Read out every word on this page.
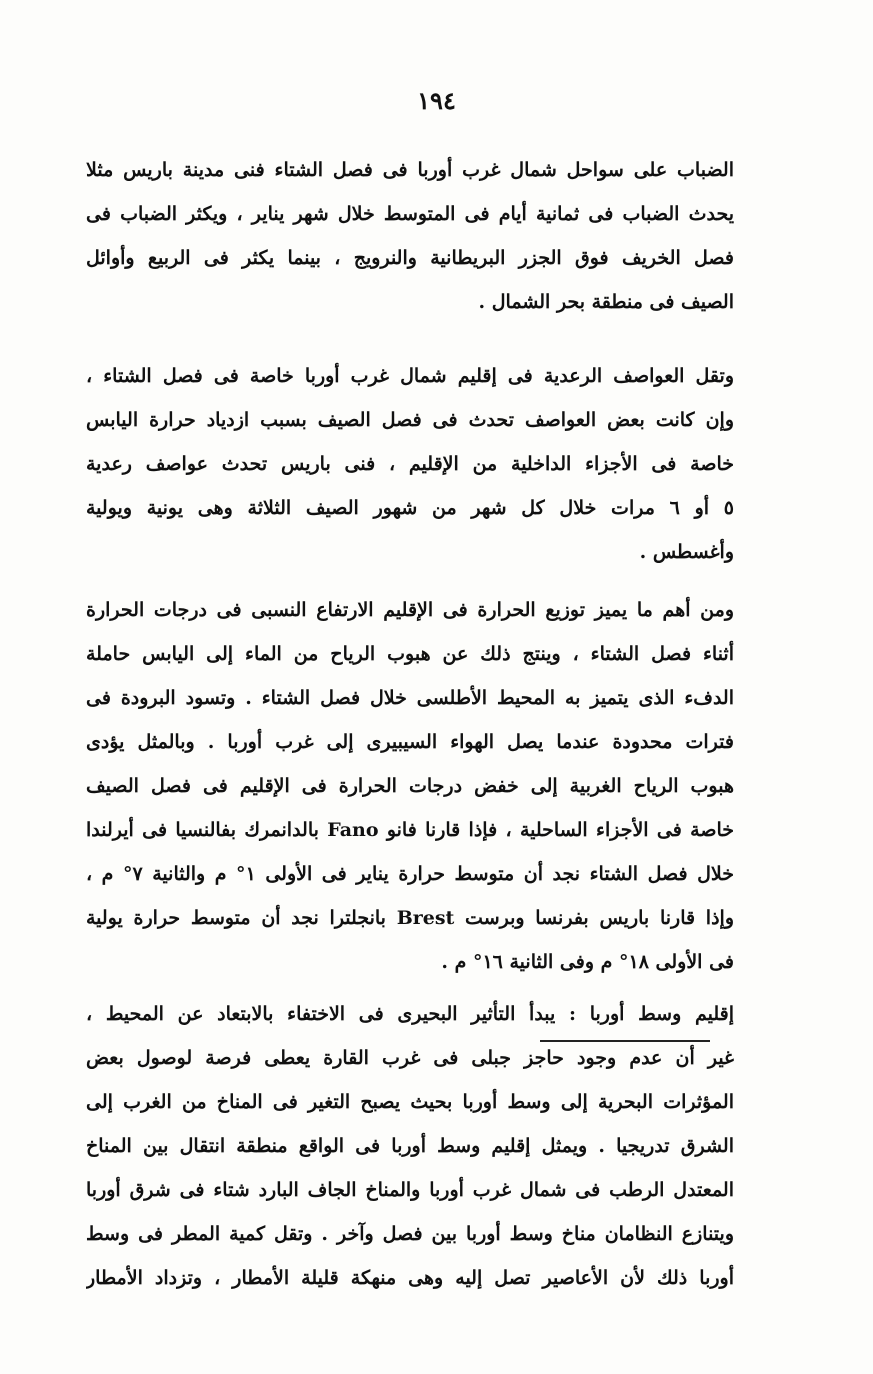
١٩٤
الضباب على سواحل شمال غرب أوربا فى فصل الشتاء فنى مدينة باريس مثلا
يحدث الضباب فى ثمانية أيام فى المتوسط خلال شهر يناير ، ويكثر الضباب فى
فصل الخريف فوق الجزر البريطانية والنرويج ، بينما يكثر فى الربيع وأوائل
الصيف فى منطقة بحر الشمال .
وتقل العواصف الرعدية فى إقليم شمال غرب أوربا خاصة فى فصل الشتاء ،
وإن كانت بعض العواصف تحدث فى فصل الصيف بسبب ازدياد حرارة اليابس
خاصة فى الأجزاء الداخلية من الإقليم ، فنى باريس تحدث عواصف رعدية
٥ أو ٦ مرات خلال كل شهر من شهور الصيف الثلاثة وهى يونية ويولية
وأغسطس .
ومن أهم ما يميز توزيع الحرارة فى الإقليم الارتفاع النسبى فى درجات الحرارة
أثناء فصل الشتاء ، وينتج ذلك عن هبوب الرياح من الماء إلى اليابس حاملة
الدفء الذى يتميز به المحيط الأطلسى خلال فصل الشتاء . وتسود البرودة فى
فترات محدودة عندما يصل الهواء السيبيرى إلى غرب أوربا . وبالمثل يؤدى
هبوب الرياح الغربية إلى خفض درجات الحرارة فى الإقليم فى فصل الصيف
خاصة فى الأجزاء الساحلية ، فإذا قارنا فانو Fano بالدانمرك بفالنسيا فى أيرلندا
خلال فصل الشتاء نجد أن متوسط حرارة يناير فى الأولى ١° م والثانية ٧° م ،
وإذا قارنا باريس بفرنسا وبرست Brest بانجلترا نجد أن متوسط حرارة يولية
فى الأولى ١٨° م وفى الثانية ١٦° م .
إقليم وسط أوربا : يبدأ التأثير البحيرى فى الاختفاء بالابتعاد عن المحيط ،
غير أن عدم وجود حاجز جبلى فى غرب القارة يعطى فرصة لوصول بعض
المؤثرات البحرية إلى وسط أوربا بحيث يصبح التغير فى المناخ من الغرب إلى
الشرق تدريجيا . ويمثل إقليم وسط أوربا فى الواقع منطقة انتقال بين المناخ
المعتدل الرطب فى شمال غرب أوربا والمناخ الجاف البارد شتاء فى شرق أوربا
ويتنازع النظامان مناخ وسط أوربا بين فصل وآخر . وتقل كمية المطر فى وسط
أوربا ذلك لأن الأعاصير تصل إليه وهى منهكة قليلة الأمطار ، وتزداد الأمطار
